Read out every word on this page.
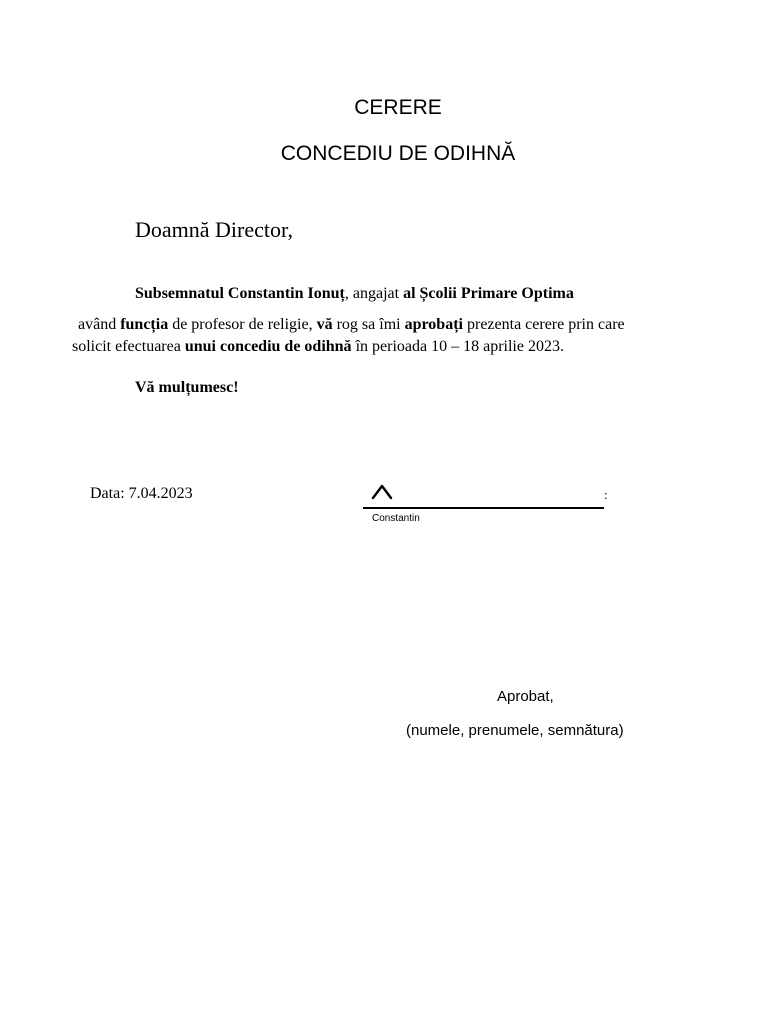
CERERE
CONCEDIU DE ODIHNĂ
Doamnă Director,
Subsemnatul Constantin Ionuț, angajat al Școlii Primare Optima
având funcția de profesor de religie, vă rog sa îmi aprobați prezenta cerere prin care
solicit efectuarea unui concediu de odihnă în perioada 10 – 18 aprilie 2023.
Vă mulțumesc!
Data: 7.04.2023	:
Constantin
Aprobat,
(numele, prenumele, semnătura)
